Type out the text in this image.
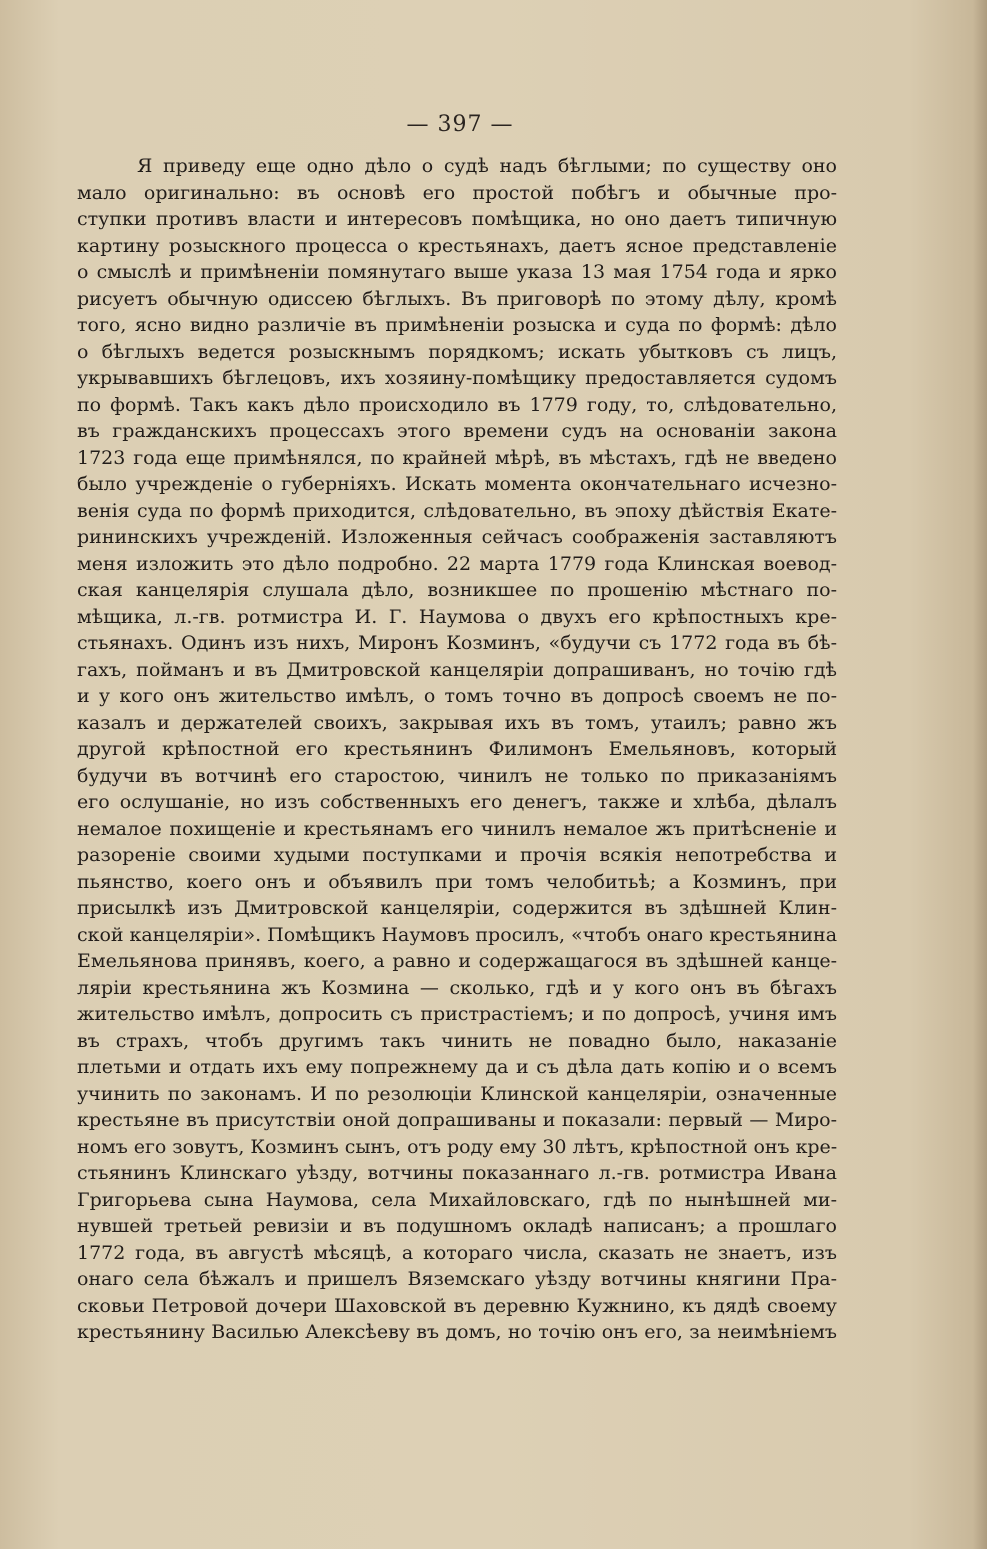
— 397 —
Я приведу еще одно дѣло о судѣ надъ бѣглыми; по существу оно
мало оригинально: въ основѣ его простой побѣгъ и обычные про-
ступки противъ власти и интересовъ помѣщика, но оно даетъ типичную
картину розыскного процесса о крестьянахъ, даетъ ясное представленіе
о смыслѣ и примѣненіи помянутаго выше указа 13 мая 1754 года и ярко
рисуетъ обычную одиссею бѣглыхъ. Въ приговорѣ по этому дѣлу, кромѣ
того, ясно видно различіе въ примѣненіи розыска и суда по формѣ: дѣло
о бѣглыхъ ведется розыскнымъ порядкомъ; искать убытковъ съ лицъ,
укрывавшихъ бѣглецовъ, ихъ хозяину-помѣщику предоставляется судомъ
по формѣ. Такъ какъ дѣло происходило въ 1779 году, то, слѣдовательно,
въ гражданскихъ процессахъ этого времени судъ на основаніи закона
1723 года еще примѣнялся, по крайней мѣрѣ, въ мѣстахъ, гдѣ не введено
было учрежденіе о губерніяхъ. Искать момента окончательнаго исчезно-
венія суда по формѣ приходится, слѣдовательно, въ эпоху дѣйствія Екате-
рининскихъ учрежденій. Изложенныя сейчасъ соображенія заставляютъ
меня изложить это дѣло подробно. 22 марта 1779 года Клинская воевод-
ская канцелярія слушала дѣло, возникшее по прошенію мѣстнаго по-
мѣщика, л.-гв. ротмистра И. Г. Наумова о двухъ его крѣпостныхъ кре-
стьянахъ. Одинъ изъ нихъ, Миронъ Козминъ, «будучи съ 1772 года въ бѣ-
гахъ, пойманъ и въ Дмитровской канцеляріи допрашиванъ, но точію гдѣ
и у кого онъ жительство имѣлъ, о томъ точно въ допросѣ своемъ не по-
казалъ и держателей своихъ, закрывая ихъ въ томъ, утаилъ; равно жъ
другой крѣпостной его крестьянинъ Филимонъ Емельяновъ, который
будучи въ вотчинѣ его старостою, чинилъ не только по приказаніямъ
его ослушаніе, но изъ собственныхъ его денегъ, также и хлѣба, дѣлалъ
немалое похищеніе и крестьянамъ его чинилъ немалое жъ притѣсненіе и
разореніе своими худыми поступками и прочія всякія непотребства и
пьянство, коего онъ и объявилъ при томъ челобитьѣ; а Козминъ, при
присылкѣ изъ Дмитровской канцеляріи, содержится въ здѣшней Клин-
ской канцеляріи». Помѣщикъ Наумовъ просилъ, «чтобъ онаго крестьянина
Емельянова принявъ, коего, а равно и содержащагося въ здѣшней канце-
ляріи крестьянина жъ Козмина — сколько, гдѣ и у кого онъ въ бѣгахъ
жительство имѣлъ, допросить съ пристрастіемъ; и по допросѣ, учиня имъ
въ страхъ, чтобъ другимъ такъ чинить не повадно было, наказаніе
плетьми и отдать ихъ ему попрежнему да и съ дѣла дать копію и о всемъ
учинить по законамъ. И по резолюціи Клинской канцеляріи, означенные
крестьяне въ присутствіи оной допрашиваны и показали: первый — Миро-
номъ его зовутъ, Козминъ сынъ, отъ роду ему 30 лѣтъ, крѣпостной онъ кре-
стьянинъ Клинскаго уѣзду, вотчины показаннаго л.-гв. ротмистра Ивана
Григорьева сына Наумова, села Михайловскаго, гдѣ по нынѣшней ми-
нувшей третьей ревизіи и въ подушномъ окладѣ написанъ; а прошлаго
1772 года, въ августѣ мѣсяцѣ, а котораго числа, сказать не знаетъ, изъ
онаго села бѣжалъ и пришелъ Вяземскаго уѣзду вотчины княгини Пра-
сковьи Петровой дочери Шаховской въ деревню Кужнино, къ дядѣ своему
крестьянину Василью Алексѣеву въ домъ, но точію онъ его, за неимѣніемъ
